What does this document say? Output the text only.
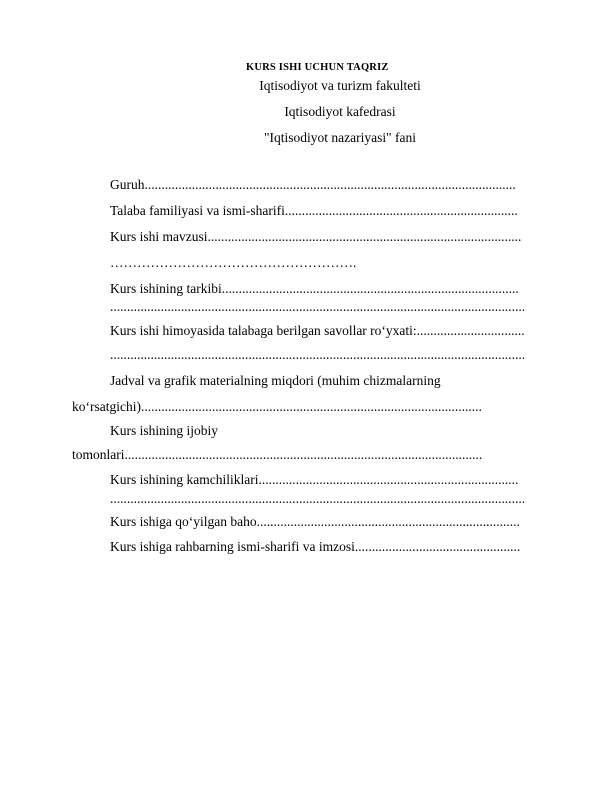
KURS ISHI UCHUN TAQRIZ
Iqtisodiyot va turizm fakulteti
Iqtisodiyot kafedrasi
"Iqtisodiyot nazariyasi" fani
Guruh..............................................................................................................
Talaba familiyasi va ismi-sharifi.....................................................................
Kurs ishi mavzusi.............................................................................................
……………………………………………….
Kurs ishining tarkibi........................................................................................
...........................................................................................................................
Kurs ishi himoyasida talabaga berilgan savollar ro‘yxati:................................
...........................................................................................................................
Jadval va grafik materialning miqdori (muhim chizmalarning
ko‘rsatgichi).....................................................................................................
Kurs ishining ijobiy
tomonlari..........................................................................................................
Kurs ishining kamchiliklari.............................................................................
...........................................................................................................................
Kurs ishiga qo‘yilgan baho..............................................................................
Kurs ishiga rahbarning ismi-sharifi va imzosi.................................................
